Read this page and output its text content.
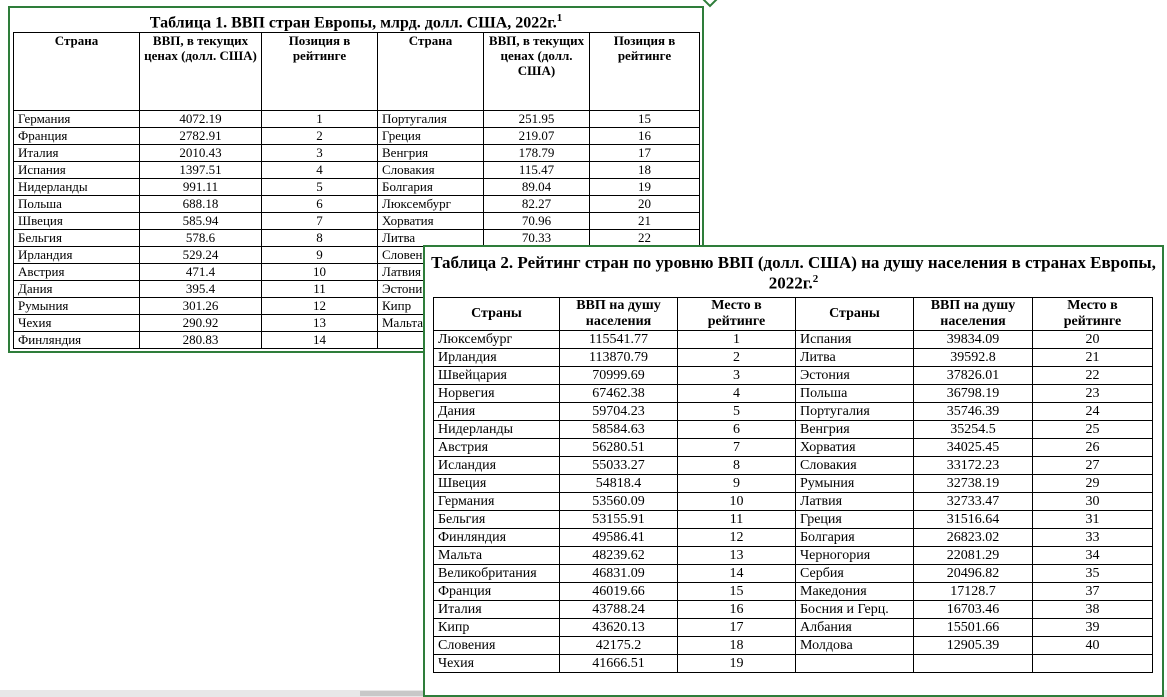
Таблица 1. ВВП стран Европы, млрд. долл. США, 2022г.$^1$
Страна	ВВП, в текущих ценах (долл. США)	Позиция в рейтинге	Страна	ВВП, в текущих ценах (долл. США)	Позиция в рейтинге
Германия	4072.19	1	Португалия	251.95	15
Франция	2782.91	2	Греция	219.07	16
Италия	2010.43	3	Венгрия	178.79	17
Испания	1397.51	4	Словакия	115.47	18
Нидерланды	991.11	5	Болгария	89.04	19
Польша	688.18	6	Люксембург	82.27	20
Швеция	585.94	7	Хорватия	70.96	21
Бельгия	578.6	8	Литва	70.33	22
Ирландия	529.24	9	Словен		
Австрия	471.4	10	Латвия		
Дания	395.4	11	Эстони		
Румыния	301.26	12	Кипр		
Чехия	290.92	13	Мальта		
Финляндия	280.83	14			
Таблица 2. Рейтинг стран по уровню ВВП (долл. США) на душу населения в странах Европы, 2022г.$^2$
Страны	ВВП на душу населения	Место в рейтинге	Страны	ВВП на душу населения	Место в рейтинге
Люксембург	115541.77	1	Испания	39834.09	20
Ирландия	113870.79	2	Литва	39592.8	21
Швейцария	70999.69	3	Эстония	37826.01	22
Норвегия	67462.38	4	Польша	36798.19	23
Дания	59704.23	5	Португалия	35746.39	24
Нидерланды	58584.63	6	Венгрия	35254.5	25
Австрия	56280.51	7	Хорватия	34025.45	26
Исландия	55033.27	8	Словакия	33172.23	27
Швеция	54818.4	9	Румыния	32738.19	29
Германия	53560.09	10	Латвия	32733.47	30
Бельгия	53155.91	11	Греция	31516.64	31
Финляндия	49586.41	12	Болгария	26823.02	33
Мальта	48239.62	13	Черногория	22081.29	34
Великобритания	46831.09	14	Сербия	20496.82	35
Франция	46019.66	15	Македония	17128.7	37
Италия	43788.24	16	Босния и Герц.	16703.46	38
Кипр	43620.13	17	Албания	15501.66	39
Словения	42175.2	18	Молдова	12905.39	40
Чехия	41666.51	19			
